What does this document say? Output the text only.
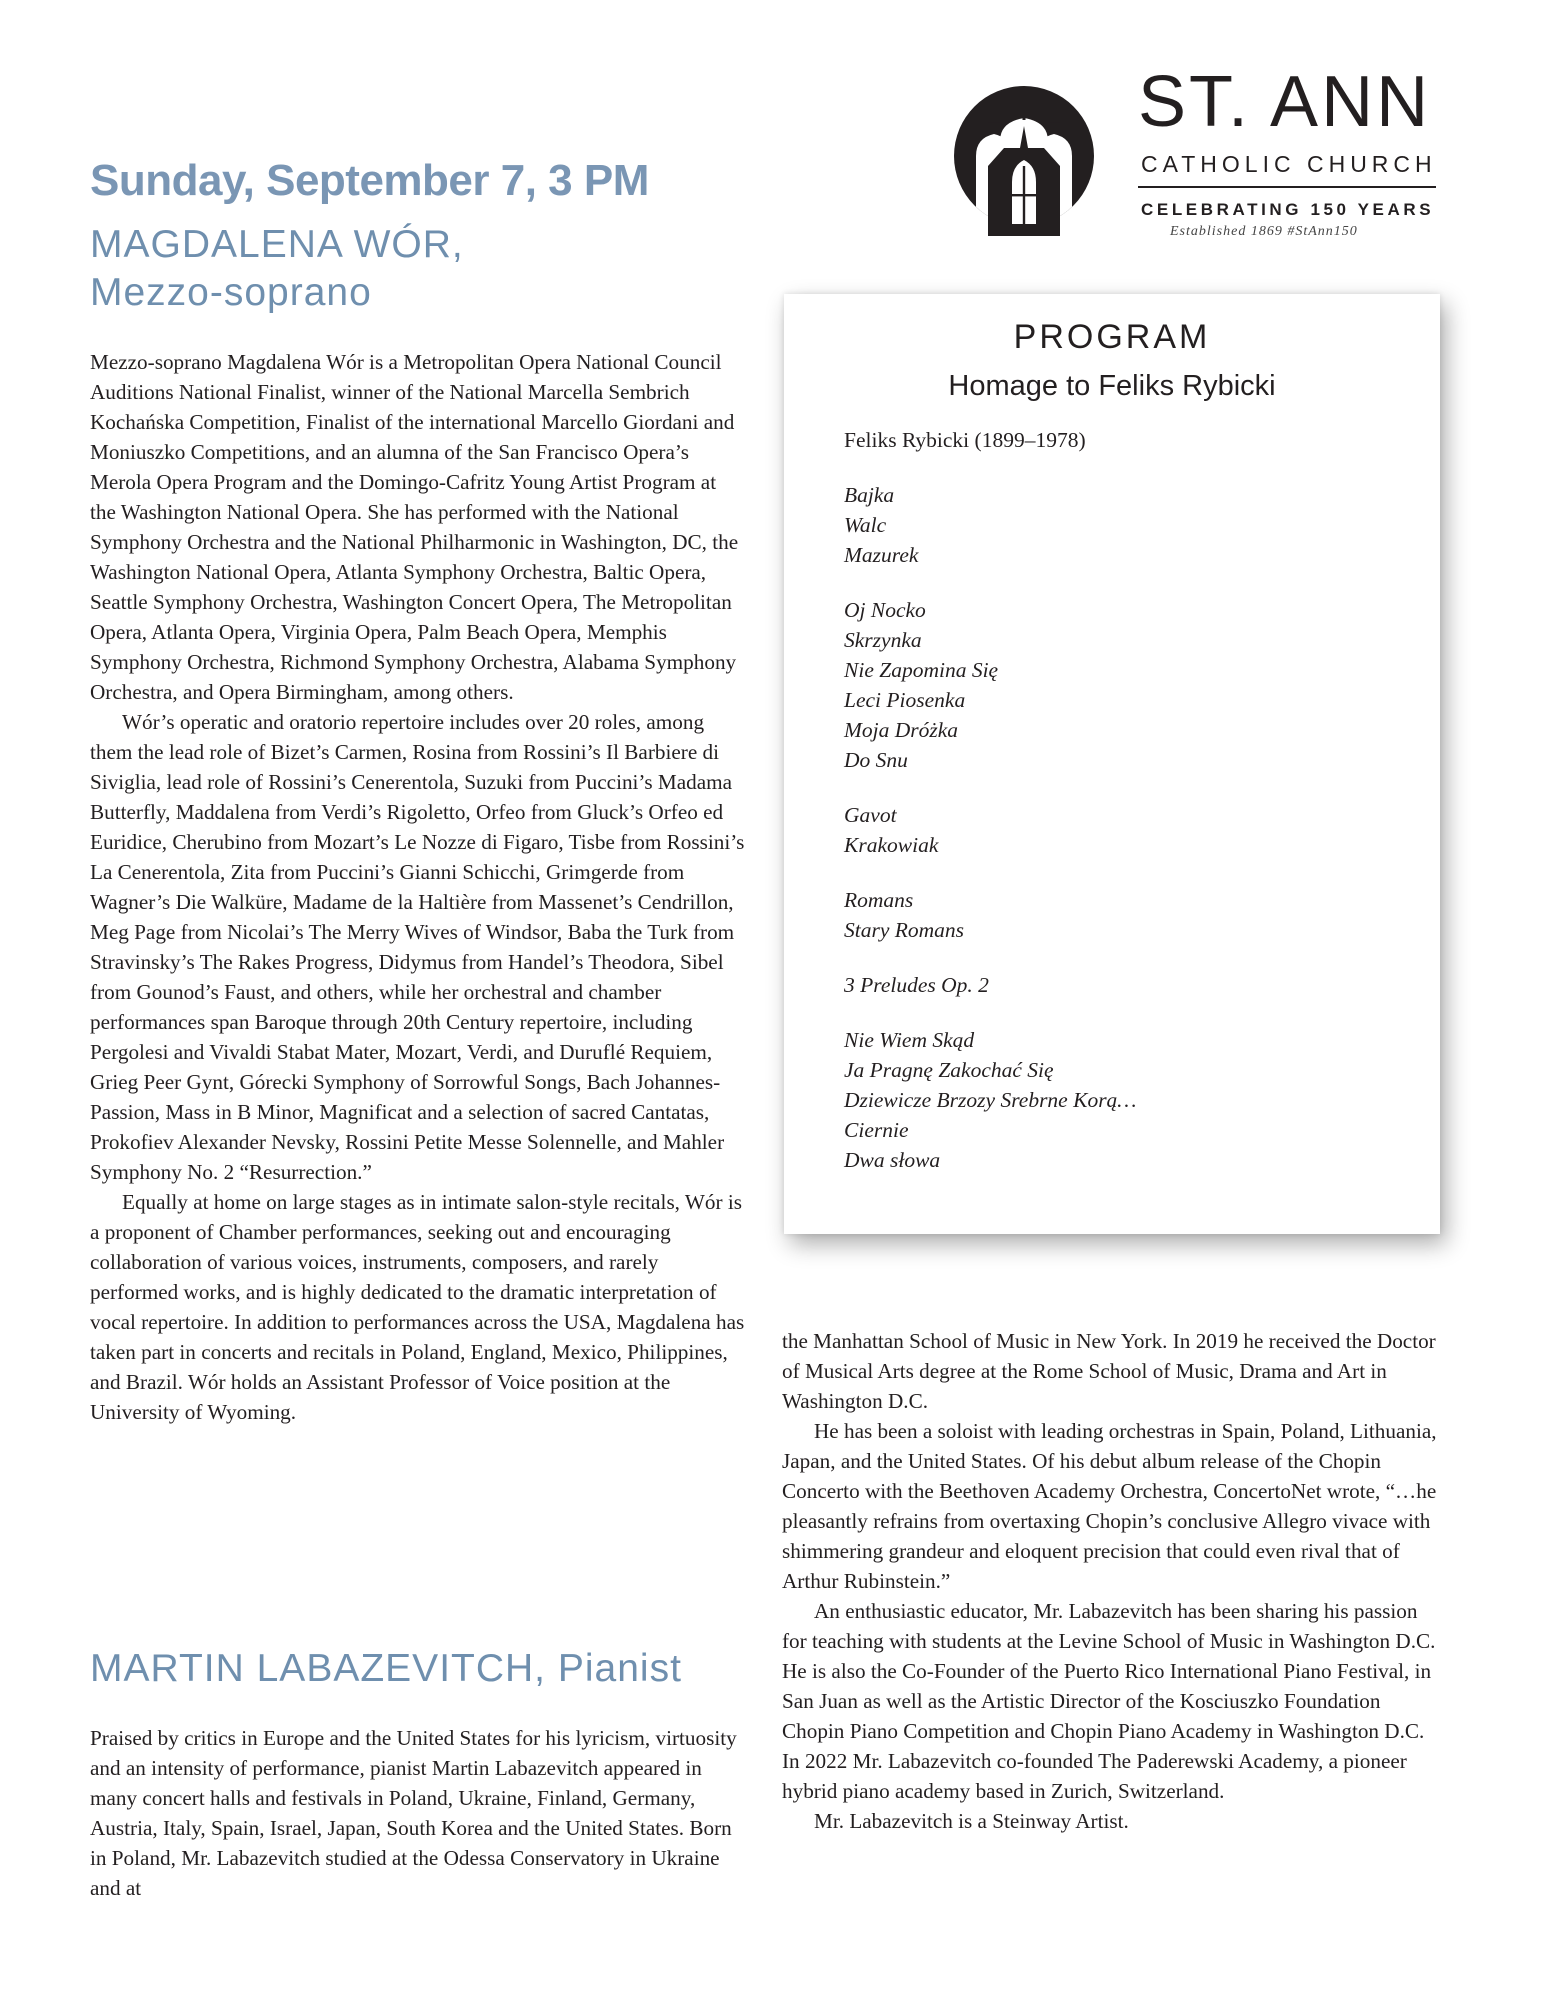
ST. ANN
CATHOLIC CHURCH
CELEBRATING 150 YEARS
Established 1869 #StAnn150
Sunday, September 7, 3 PM
MAGDALENA WÓR,
Mezzo-soprano

Mezzo-soprano Magdalena Wór is a Metropolitan Opera National Council Auditions National Finalist, winner of the National Marcella Sembrich Kochańska Competition, Finalist of the international Marcello Giordani and Moniuszko Competitions, and an alumna of the San Francisco Opera’s Merola Opera Program and the Domingo-Cafritz Young Artist Program at the Washington National Opera. She has performed with the National Symphony Orchestra and the National Philharmonic in Washington, DC, the Washington National Opera, Atlanta Symphony Orchestra, Baltic Opera, Seattle Symphony Orchestra, Washington Concert Opera, The Metropolitan Opera, Atlanta Opera, Virginia Opera, Palm Beach Opera, Memphis Symphony Orchestra, Richmond Symphony Orchestra, Alabama Symphony Orchestra, and Opera Birmingham, among others.

Wór’s operatic and oratorio repertoire includes over 20 roles, among them the lead role of Bizet’s Carmen, Rosina from Rossini’s Il Barbiere di Siviglia, lead role of Rossini’s Cenerentola, Suzuki from Puccini’s Madama Butterfly, Maddalena from Verdi’s Rigoletto, Orfeo from Gluck’s Orfeo ed Euridice, Cherubino from Mozart’s Le Nozze di Figaro, Tisbe from Rossini’s La Cenerentola, Zita from Puccini’s Gianni Schicchi, Grimgerde from Wagner’s Die Walküre, Madame de la Haltière from Massenet’s Cendrillon, Meg Page from Nicolai’s The Merry Wives of Windsor, Baba the Turk from Stravinsky’s The Rakes Progress, Didymus from Handel’s Theodora, Sibel from Gounod’s Faust, and others, while her orchestral and chamber performances span Baroque through 20th Century repertoire, including Pergolesi and Vivaldi Stabat Mater, Mozart, Verdi, and Duruflé Requiem, Grieg Peer Gynt, Górecki Symphony of Sorrowful Songs, Bach Johannes-Passion, Mass in B Minor, Magnificat and a selection of sacred Cantatas, Prokofiev Alexander Nevsky, Rossini Petite Messe Solennelle, and Mahler Symphony No. 2 “Resurrection.”

Equally at home on large stages as in intimate salon-style recitals, Wór is a proponent of Chamber performances, seeking out and encouraging collaboration of various voices, instruments, composers, and rarely performed works, and is highly dedicated to the dramatic interpretation of vocal repertoire. In addition to performances across the USA, Magdalena has taken part in concerts and recitals in Poland, England, Mexico, Philippines, and Brazil. Wór holds an Assistant Professor of Voice position at the University of Wyoming.

MARTIN LABAZEVITCH, Pianist

Praised by critics in Europe and the United States for his lyricism, virtuosity and an intensity of performance, pianist Martin Labazevitch appeared in many concert halls and festivals in Poland, Ukraine, Finland, Germany, Austria, Italy, Spain, Israel, Japan, South Korea and the United States. Born in Poland, Mr. Labazevitch studied at the Odessa Conservatory in Ukraine and at

the Manhattan School of Music in New York. In 2019 he received the Doctor of Musical Arts degree at the Rome School of Music, Drama and Art in Washington D.C.

He has been a soloist with leading orchestras in Spain, Poland, Lithuania, Japan, and the United States. Of his debut album release of the Chopin Concerto with the Beethoven Academy Orchestra, ConcertoNet wrote, “…he pleasantly refrains from overtaxing Chopin’s conclusive Allegro vivace with shimmering grandeur and eloquent precision that could even rival that of Arthur Rubinstein.”

An enthusiastic educator, Mr. Labazevitch has been sharing his passion for teaching with students at the Levine School of Music in Washington D.C. He is also the Co-Founder of the Puerto Rico International Piano Festival, in San Juan as well as the Artistic Director of the Kosciuszko Foundation Chopin Piano Competition and Chopin Piano Academy in Washington D.C. In 2022 Mr. Labazevitch co-founded The Paderewski Academy, a pioneer hybrid piano academy based in Zurich, Switzerland.

Mr. Labazevitch is a Steinway Artist.

PROGRAM
Homage to Feliks Rybicki
Feliks Rybicki (1899–1978)
Bajka
Walc
Mazurek
Oj Nocko
Skrzynka
Nie Zapomina Się
Leci Piosenka
Moja Dróżka
Do Snu
Gavot
Krakowiak
Romans
Stary Romans
3 Preludes Op. 2
Nie Wiem Skąd
Ja Pragnę Zakochać Się
Dziewicze Brzozy Srebrne Korą…
Ciernie
Dwa słowa
